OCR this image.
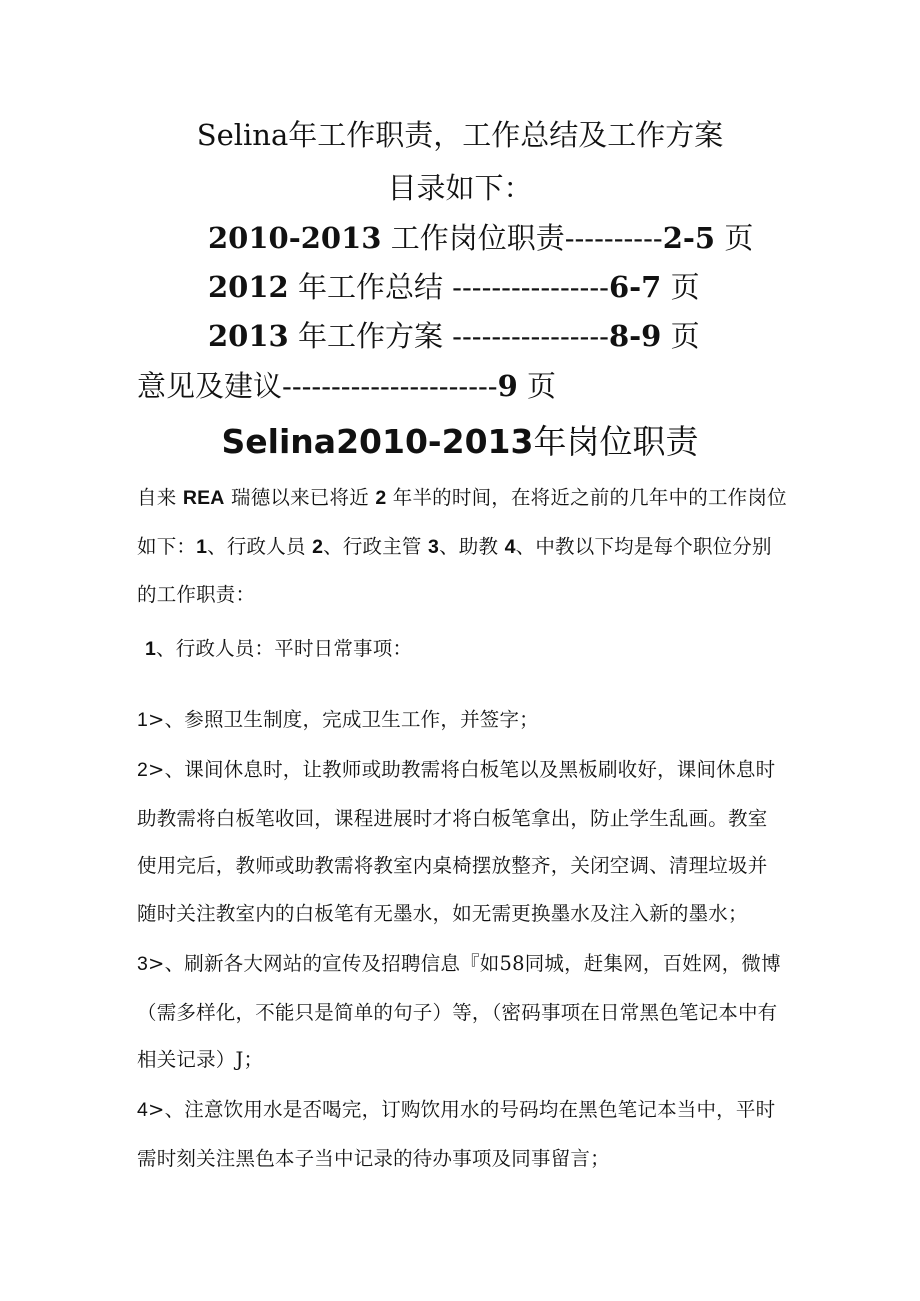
Selina年工作职责，工作总结及工作方案
目录如下：
2010-2013 工作岗位职责----------2-5 页
2012 年工作总结 ----------------6-7 页
2013 年工作方案 ----------------8-9 页
意见及建议----------------------9 页
Selina2010-2013年岗位职责
自来 REA 瑞德以来已将近 2 年半的时间，在将近之前的几年中的工作岗位如下：1、行政人员 2、行政主管 3、助教 4、中教以下均是每个职位分别的工作职责：
1、行政人员：平时日常事项：
1>、参照卫生制度，完成卫生工作，并签字；
2>、课间休息时，让教师或助教需将白板笔以及黑板刷收好，课间休息时助教需将白板笔收回，课程进展时才将白板笔拿出，防止学生乱画。教室使用完后，教师或助教需将教室内桌椅摆放整齐，关闭空调、清理垃圾并随时关注教室内的白板笔有无墨水，如无需更换墨水及注入新的墨水；
3>、刷新各大网站的宣传及招聘信息『如58同城，赶集网，百姓网，微博（需多样化，不能只是简单的句子）等，（密码事项在日常黑色笔记本中有相关记录）J；
4>、注意饮用水是否喝完，订购饮用水的号码均在黑色笔记本当中，平时需时刻关注黑色本子当中记录的待办事项及同事留言；
